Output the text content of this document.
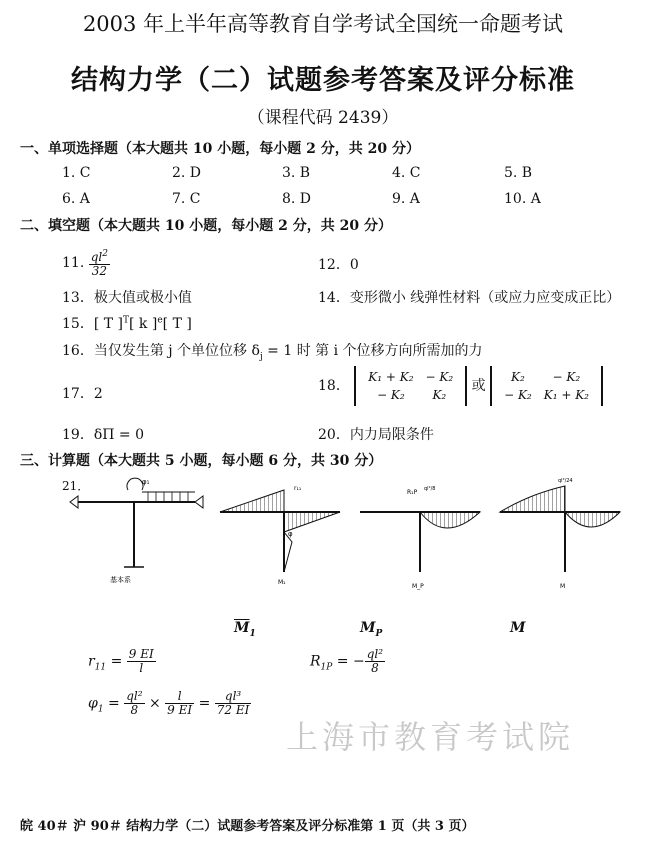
2003 年上半年高等教育自学考试全国统一命题考试
结构力学（二）试题参考答案及评分标准
（课程代码 2439）
一、单项选择题（本大题共 10 小题，每小题 2 分，共 20 分）
1. C	2. D	3. B	4. C	5. B
6. A	7. C	8. D	9. A	10. A
二、填空题（本大题共 10 小题，每小题 2 分，共 20 分）
11. $\frac{ql^2}{32}$	12．0
13．极大值或极小值	14．变形微小 线弹性材料（或应力应变成正比）
15．[ T ]$^T$[ k ]$^e$[ T ]
16．当仅发生第 j 个单位位移 $\delta_j = 1$ 时 第 i 个位移方向所需加的力
17．2	18．
K₁ + K₂	− K₂
− K₂	K₂
或
K₂	− K₂
− K₂	K₁ + K₂
19．δΠ = 0	20．内力局限条件
三、计算题（本大题共 5 小题，每小题 6 分，共 30 分）
21．	φ₁
基本系
r₁₁
φ
M₁
R₁P ql²/8
M_P
ql²/24
M
$\overline{M}_1$	$M_P$	M
$r_{11} = \frac{9 EI}{l}$	$R_{1P}$ = − $\frac{\text{ql²}}{8}$
$\varphi_1 = \frac{\text{ql²}}{8} \times \frac{l}{9 EI} = \frac{\text{ql³}}{72 EI}$
上海市教育考试院
皖 40＃ 沪 90＃ 结构力学（二）试题参考答案及评分标准第 1 页（共 3 页）
